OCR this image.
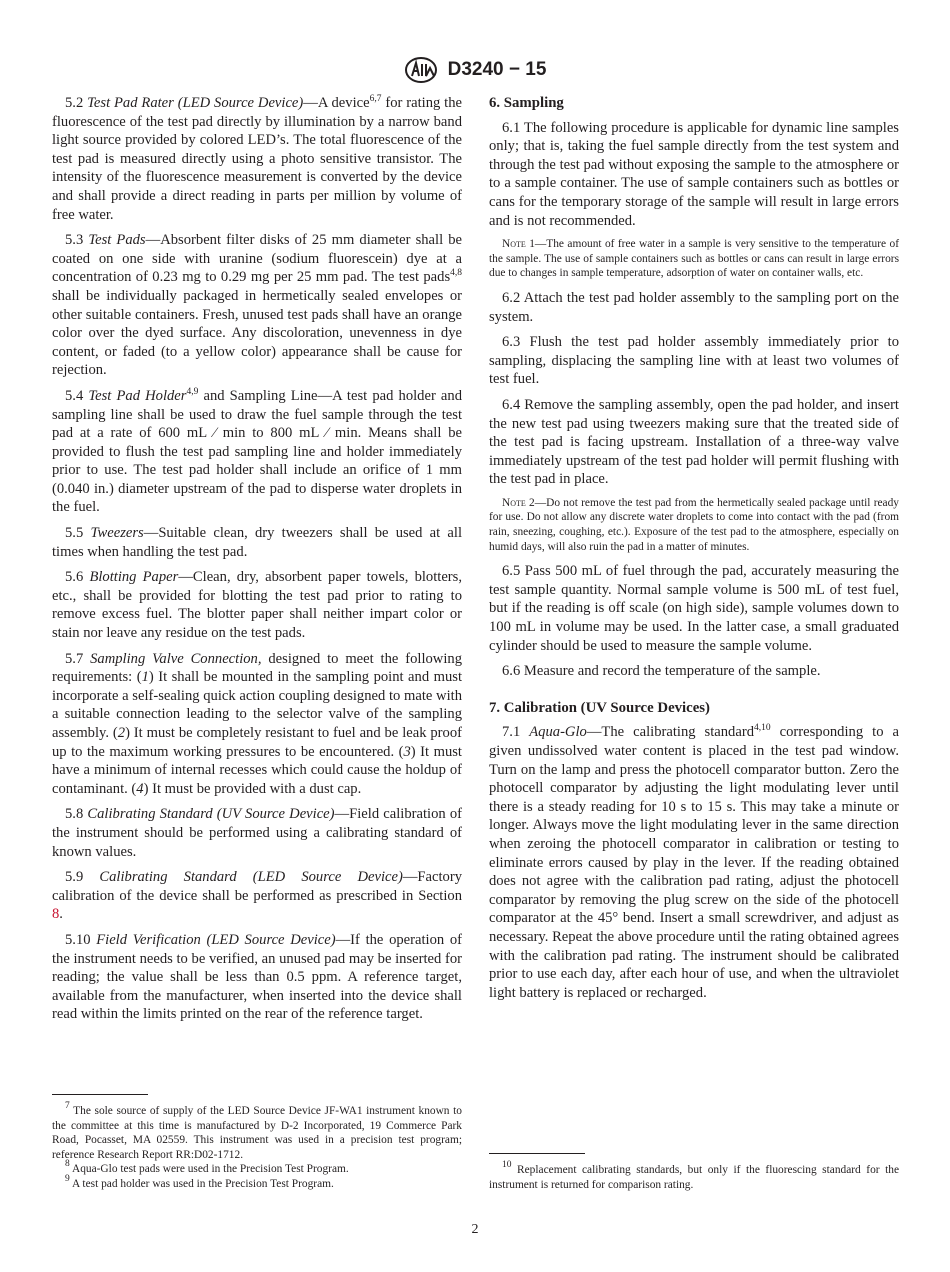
D3240 − 15

5.2 Test Pad Rater (LED Source Device)—A device$^{6,7}$ for rating the fluorescence of the test pad directly by illumination by a narrow band light source provided by colored LED’s. The total fluorescence of the test pad is measured directly using a photo sensitive transistor. The intensity of the fluorescence measurement is converted by the device and shall provide a direct reading in parts per million by volume of free water.

5.3 Test Pads—Absorbent filter disks of 25 mm diameter shall be coated on one side with uranine (sodium fluorescein) dye at a concentration of 0.23 mg to 0.29 mg per 25 mm pad. The test pads$^{4,8}$ shall be individually packaged in hermetically sealed envelopes or other suitable containers. Fresh, unused test pads shall have an orange color over the dyed surface. Any discoloration, unevenness in dye content, or faded (to a yellow color) appearance shall be cause for rejection.

5.4 Test Pad Holder$^{4,9}$ and Sampling Line—A test pad holder and sampling line shall be used to draw the fuel sample through the test pad at a rate of 600 mL ⁄ min to 800 mL ⁄ min. Means shall be provided to flush the test pad sampling line and holder immediately prior to use. The test pad holder shall include an orifice of 1 mm (0.040 in.) diameter upstream of the pad to disperse water droplets in the fuel.

5.5 Tweezers—Suitable clean, dry tweezers shall be used at all times when handling the test pad.

5.6 Blotting Paper—Clean, dry, absorbent paper towels, blotters, etc., shall be provided for blotting the test pad prior to rating to remove excess fuel. The blotter paper shall neither impart color or stain nor leave any residue on the test pads.

5.7 Sampling Valve Connection, designed to meet the following requirements: (1) It shall be mounted in the sampling point and must incorporate a self-sealing quick action coupling designed to mate with a suitable connection leading to the selector valve of the sampling assembly. (2) It must be completely resistant to fuel and be leak proof up to the maximum working pressures to be encountered. (3) It must have a minimum of internal recesses which could cause the holdup of contaminant. (4) It must be provided with a dust cap.

5.8 Calibrating Standard (UV Source Device)—Field calibration of the instrument should be performed using a calibrating standard of known values.

5.9 Calibrating Standard (LED Source Device)—Factory calibration of the device shall be performed as prescribed in Section 8.

5.10 Field Verification (LED Source Device)—If the operation of the instrument needs to be verified, an unused pad may be inserted for reading; the value shall be less than 0.5 ppm. A reference target, available from the manufacturer, when inserted into the device shall read within the limits printed on the rear of the reference target.

6. Sampling

6.1 The following procedure is applicable for dynamic line samples only; that is, taking the fuel sample directly from the test system and through the test pad without exposing the sample to the atmosphere or to a sample container. The use of sample containers such as bottles or cans for the temporary storage of the sample will result in large errors and is not recommended.

Note 1—The amount of free water in a sample is very sensitive to the temperature of the sample. The use of sample containers such as bottles or cans can result in large errors due to changes in sample temperature, adsorption of water on container walls, etc.

6.2 Attach the test pad holder assembly to the sampling port on the system.

6.3 Flush the test pad holder assembly immediately prior to sampling, displacing the sampling line with at least two volumes of test fuel.

6.4 Remove the sampling assembly, open the pad holder, and insert the new test pad using tweezers making sure that the treated side of the test pad is facing upstream. Installation of a three-way valve immediately upstream of the test pad holder will permit flushing with the test pad in place.

Note 2—Do not remove the test pad from the hermetically sealed package until ready for use. Do not allow any discrete water droplets to come into contact with the pad (from rain, sneezing, coughing, etc.). Exposure of the test pad to the atmosphere, especially on humid days, will also ruin the pad in a matter of minutes.

6.5 Pass 500 mL of fuel through the pad, accurately measuring the test sample quantity. Normal sample volume is 500 mL of test fuel, but if the reading is off scale (on high side), sample volumes down to 100 mL in volume may be used. In the latter case, a small graduated cylinder should be used to measure the sample volume.

6.6 Measure and record the temperature of the sample.

7. Calibration (UV Source Devices)

7.1 Aqua-Glo—The calibrating standard$^{4,10}$ corresponding to a given undissolved water content is placed in the test pad window. Turn on the lamp and press the photocell comparator button. Zero the photocell comparator by adjusting the light modulating lever until there is a steady reading for 10 s to 15 s. This may take a minute or longer. Always move the light modulating lever in the same direction when zeroing the photocell comparator in calibration or testing to eliminate errors caused by play in the lever. If the reading obtained does not agree with the calibration pad rating, adjust the photocell comparator by removing the plug screw on the side of the photocell comparator at the 45° bend. Insert a small screwdriver, and adjust as necessary. Repeat the above procedure until the rating obtained agrees with the calibration pad rating. The instrument should be calibrated prior to use each day, after each hour of use, and when the ultraviolet light battery is replaced or recharged.

$^7$ The sole source of supply of the LED Source Device JF-WA1 instrument known to the committee at this time is manufactured by D-2 Incorporated, 19 Commerce Park Road, Pocasset, MA 02559. This instrument was used in a precision test program; reference Research Report RR:D02-1712.

$^8$ Aqua-Glo test pads were used in the Precision Test Program.

$^9$ A test pad holder was used in the Precision Test Program.

$^{10}$ Replacement calibrating standards, but only if the fluorescing standard for the instrument is returned for comparison rating.

2
